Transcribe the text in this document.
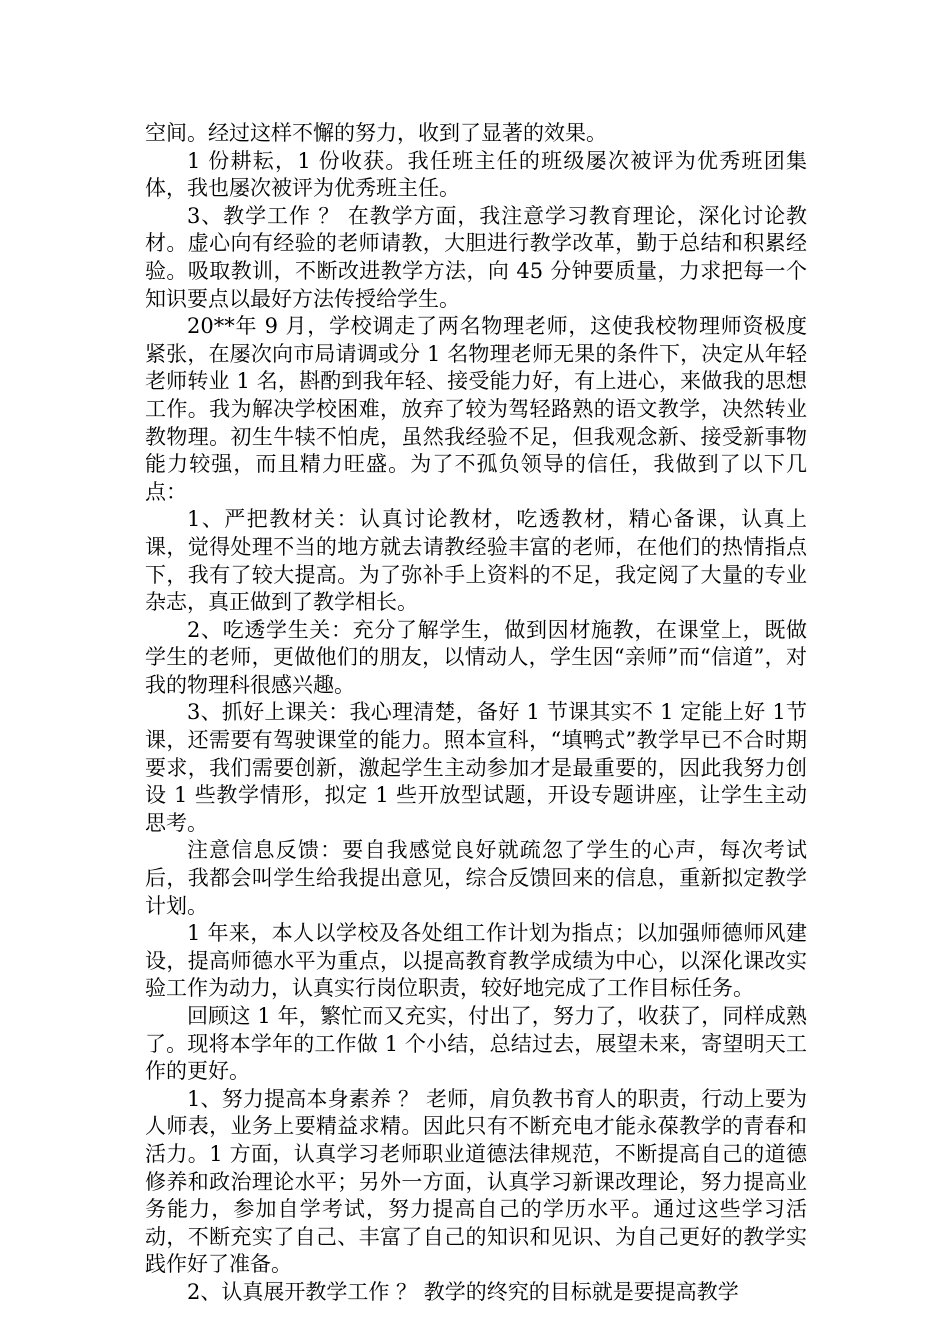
空间。经过这样不懈的努力，收到了显著的效果。

1 份耕耘，1 份收获。我任班主任的班级屡次被评为优秀班团集体，我也屡次被评为优秀班主任。

3、教学工作 ？ 在教学方面，我注意学习教育理论，深化讨论教材。虚心向有经验的老师请教，大胆进行教学改革，勤于总结和积累经验。吸取教训，不断改进教学方法，向 45 分钟要质量，力求把每一个知识要点以最好方法传授给学生。

20**年 9 月，学校调走了两名物理老师，这使我校物理师资极度紧张，在屡次向市局请调或分 1 名物理老师无果的条件下，决定从年轻老师转业 1 名，斟酌到我年轻、接受能力好，有上进心，来做我的思想工作。我为解决学校困难，放弃了较为驾轻路熟的语文教学，决然转业教物理。初生牛犊不怕虎，虽然我经验不足，但我观念新、接受新事物能力较强，而且精力旺盛。为了不孤负领导的信任，我做到了以下几点：

1、严把教材关：认真讨论教材，吃透教材，精心备课，认真上课，觉得处理不当的地方就去请教经验丰富的老师，在他们的热情指点下，我有了较大提高。为了弥补手上资料的不足，我定阅了大量的专业杂志，真正做到了教学相长。

2、吃透学生关：充分了解学生，做到因材施教，在课堂上，既做学生的老师，更做他们的朋友，以情动人，学生因“亲师”而“信道”，对我的物理科很感兴趣。

3、抓好上课关：我心理清楚，备好 1 节课其实不 1 定能上好 1节课，还需要有驾驶课堂的能力。照本宣科，“填鸭式”教学早已不合时期要求，我们需要创新，激起学生主动参加才是最重要的，因此我努力创设 1 些教学情形，拟定 1 些开放型试题，开设专题讲座，让学生主动思考。

注意信息反馈：要自我感觉良好就疏忽了学生的心声，每次考试后，我都会叫学生给我提出意见，综合反馈回来的信息，重新拟定教学计划。

1 年来，本人以学校及各处组工作计划为指点；以加强师德师风建设，提高师德水平为重点，以提高教育教学成绩为中心，以深化课改实验工作为动力，认真实行岗位职责，较好地完成了工作目标任务。

回顾这 1 年，繁忙而又充实，付出了，努力了，收获了，同样成熟了。现将本学年的工作做 1 个小结，总结过去，展望未来，寄望明天工作的更好。

1、努力提高本身素养 ？ 老师，肩负教书育人的职责，行动上要为人师表，业务上要精益求精。因此只有不断充电才能永葆教学的青春和活力。1 方面，认真学习老师职业道德法律规范，不断提高自己的道德修养和政治理论水平；另外一方面，认真学习新课改理论，努力提高业务能力，参加自学考试，努力提高自己的学历水平。通过这些学习活动，不断充实了自己、丰富了自己的知识和见识、为自己更好的教学实践作好了准备。

2、认真展开教学工作 ？ 教学的终究的目标就是要提高教学
